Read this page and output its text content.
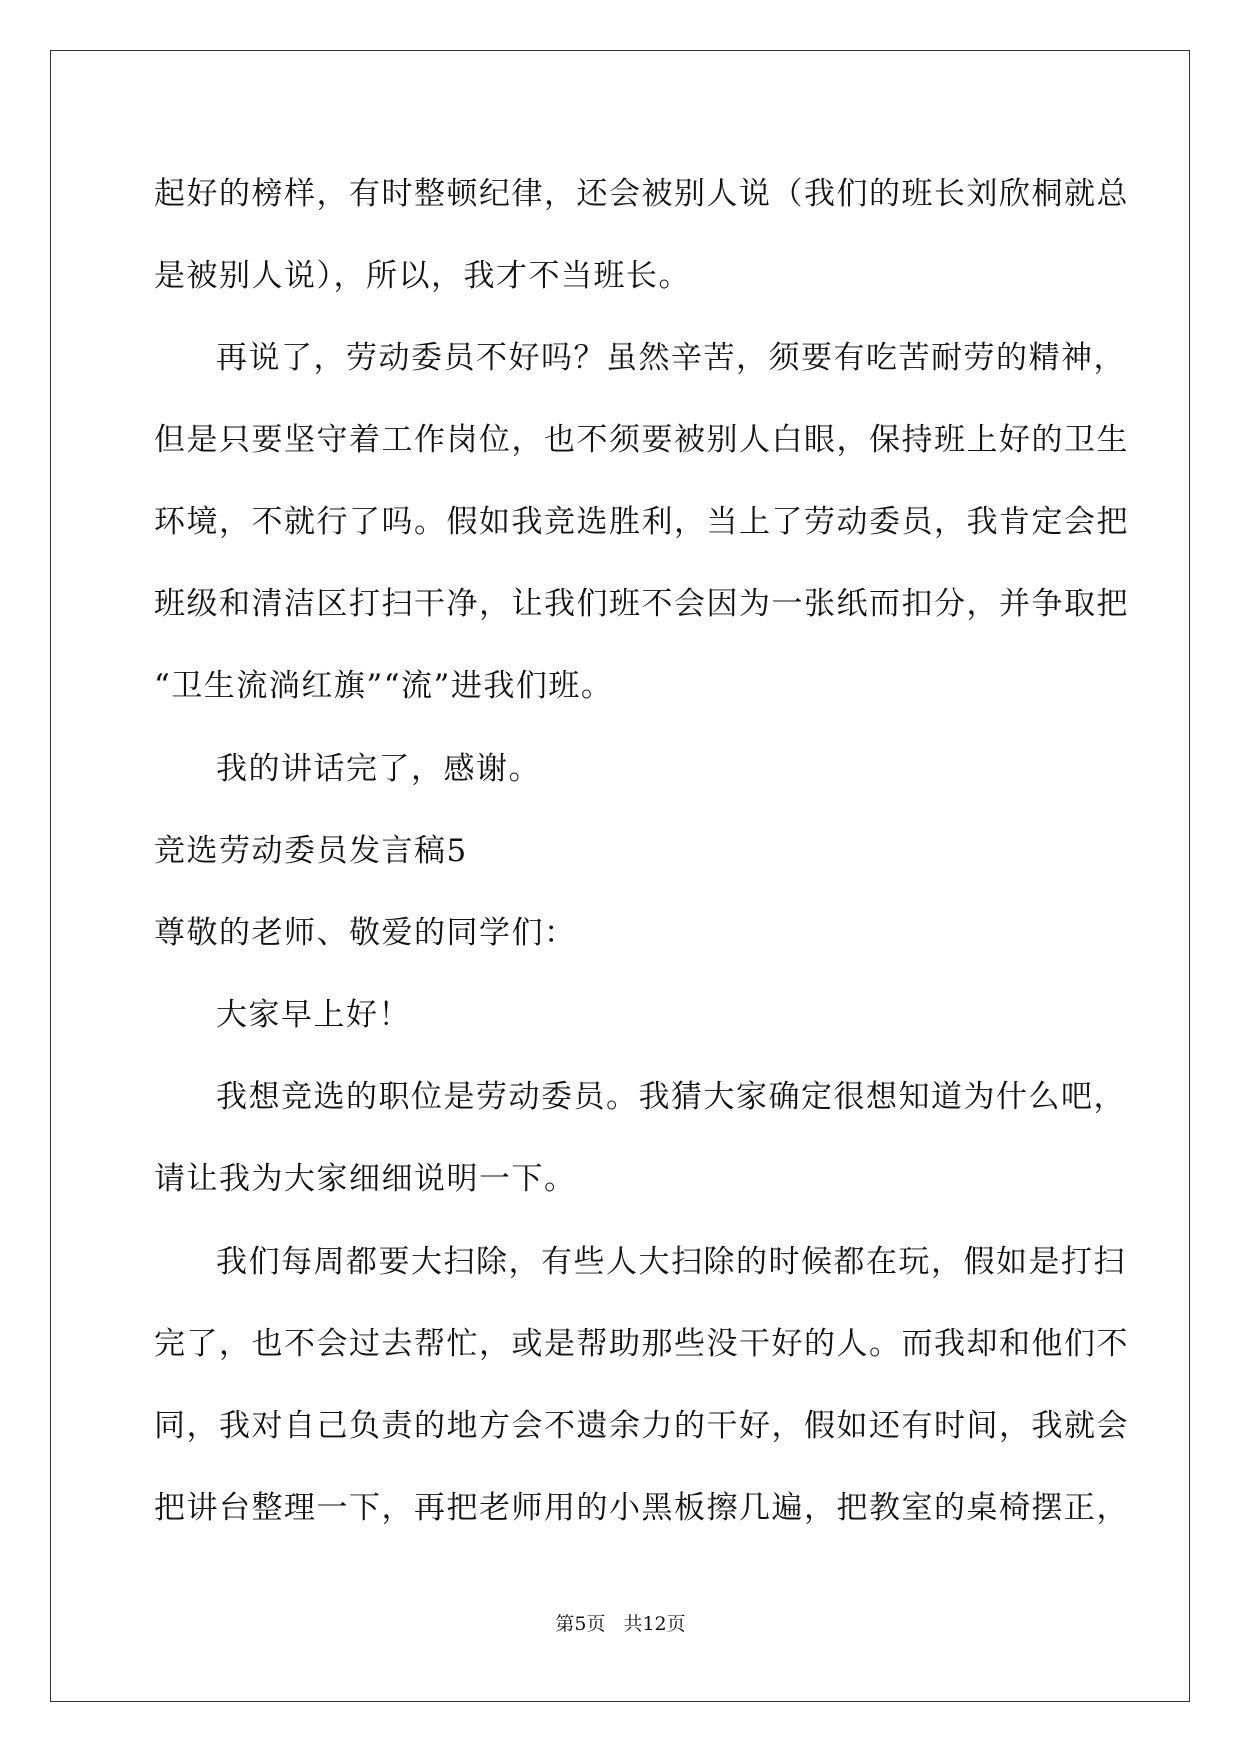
起好的榜样，有时整顿纪律，还会被别人说（我们的班长刘欣桐就总
是被别人说），所以，我才不当班长。
再说了，劳动委员不好吗？虽然辛苦，须要有吃苦耐劳的精神，
但是只要坚守着工作岗位，也不须要被别人白眼，保持班上好的卫生
环境，不就行了吗。假如我竞选胜利，当上了劳动委员，我肯定会把
班级和清洁区打扫干净，让我们班不会因为一张纸而扣分，并争取把
“卫生流淌红旗”“流”进我们班。
我的讲话完了，感谢。
竞选劳动委员发言稿5
尊敬的老师、敬爱的同学们：
大家早上好！
我想竞选的职位是劳动委员。我猜大家确定很想知道为什么吧，
请让我为大家细细说明一下。
我们每周都要大扫除，有些人大扫除的时候都在玩，假如是打扫
完了，也不会过去帮忙，或是帮助那些没干好的人。而我却和他们不
同，我对自己负责的地方会不遗余力的干好，假如还有时间，我就会
把讲台整理一下，再把老师用的小黑板擦几遍，把教室的桌椅摆正，
第5页 共12页
